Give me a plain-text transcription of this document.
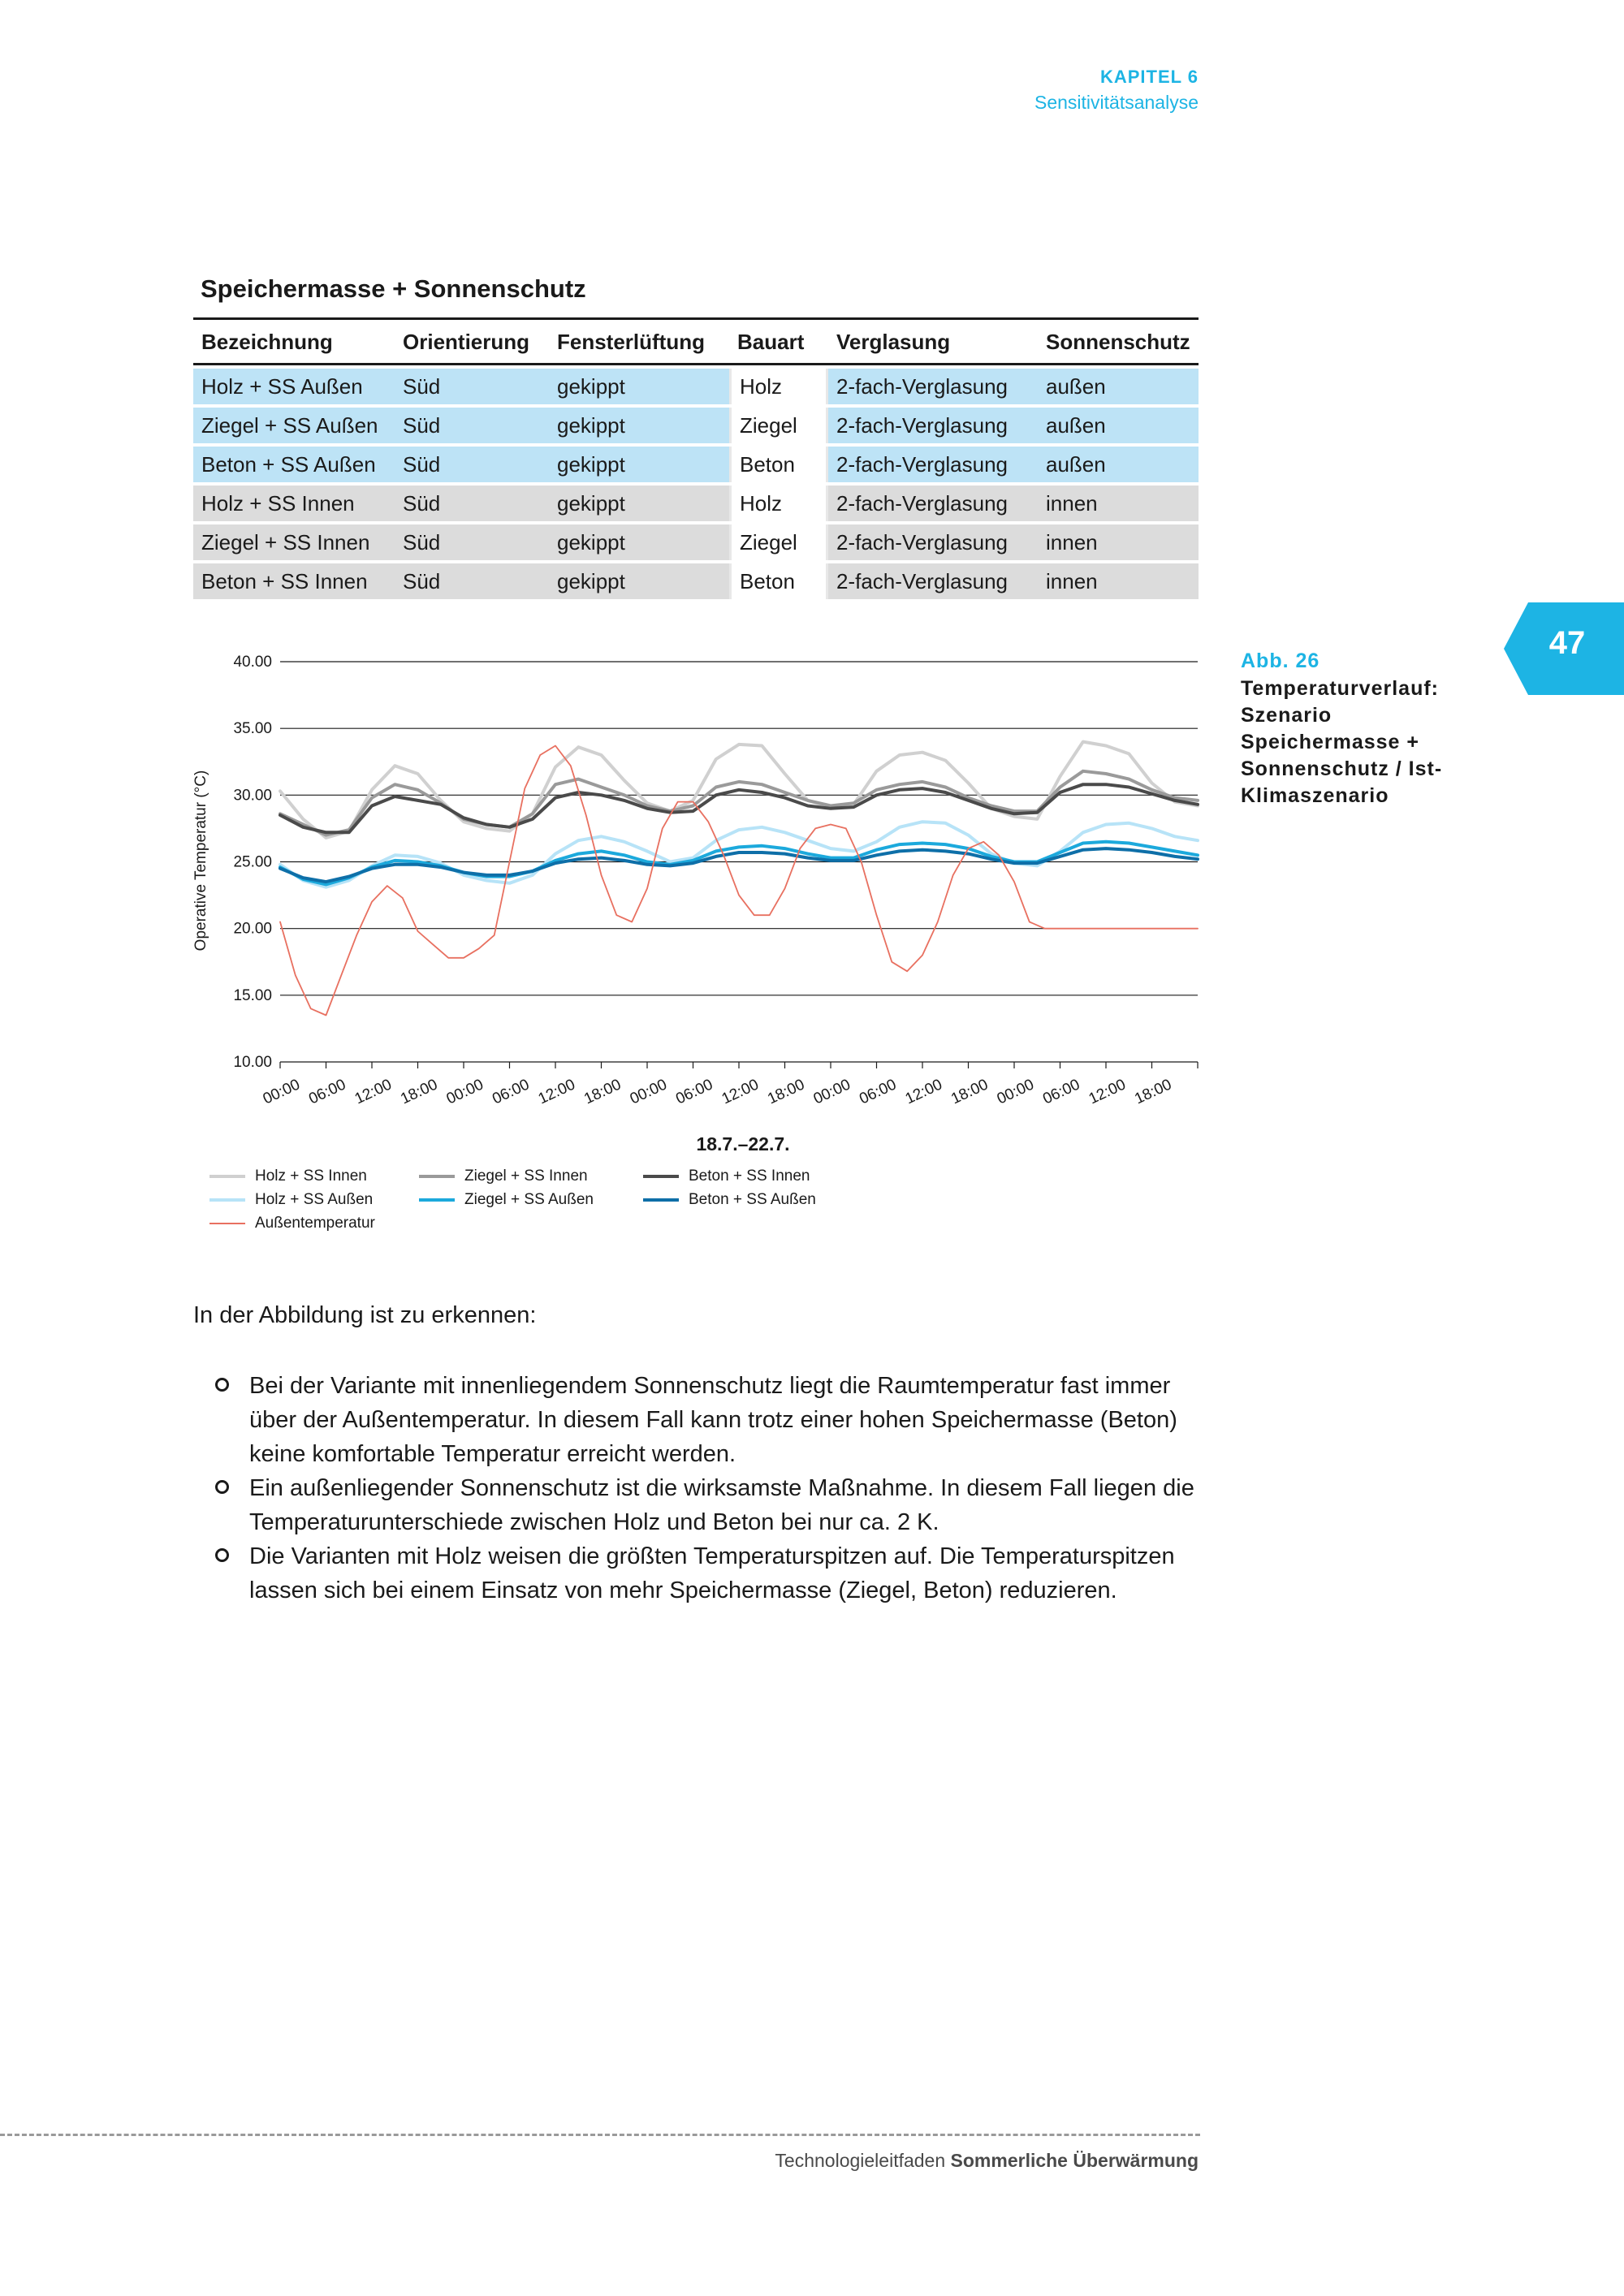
KAPITEL 6
Sensitivitätsanalyse
47
Speichermasse + Sonnenschutz
Bezeichnung	Orientierung	Fensterlüftung	Bauart	Verglasung	Sonnenschutz
Holz + SS Außen	Süd	gekippt	Holz	2-fach-Verglasung	außen
Ziegel + SS Außen	Süd	gekippt	Ziegel	2-fach-Verglasung	außen
Beton + SS Außen	Süd	gekippt	Beton	2-fach-Verglasung	außen
Holz + SS Innen	Süd	gekippt	Holz	2-fach-Verglasung	innen
Ziegel + SS Innen	Süd	gekippt	Ziegel	2-fach-Verglasung	innen
Beton + SS Innen	Süd	gekippt	Beton	2-fach-Verglasung	innen
40.00
35.00
30.00
25.00
20.00
15.00
10.00
00:00 06:00 12:00 18:00 00:00 06:00 12:00 18:00 00:00 06:00 12:00 18:00 00:00 06:00 12:00 18:00 00:00 06:00 12:00 18:00
Operative Temperatur (°C)
18.7.–22.7.
Holz + SS Innen	Ziegel + SS Innen	Beton + SS Innen
Holz + SS Außen	Ziegel + SS Außen	Beton + SS Außen
Außentemperatur
Abb. 26
Temperaturverlauf: Szenario Speichermasse + Sonnenschutz / Ist-Klimaszenario
In der Abbildung ist zu erkennen:
Bei der Variante mit innenliegendem Sonnenschutz liegt die Raumtemperatur fast immer über der Außentemperatur. In diesem Fall kann trotz einer hohen Speichermasse (Beton) keine komfortable Temperatur erreicht werden.
Ein außenliegender Sonnenschutz ist die wirksamste Maßnahme. In diesem Fall liegen die Temperaturunterschiede zwischen Holz und Beton bei nur ca. 2 K.
Die Varianten mit Holz weisen die größten Temperaturspitzen auf. Die Temperaturspitzen lassen sich bei einem Einsatz von mehr Speichermasse (Ziegel, Beton) reduzieren.
Technologieleitfaden Sommerliche Überwärmung
